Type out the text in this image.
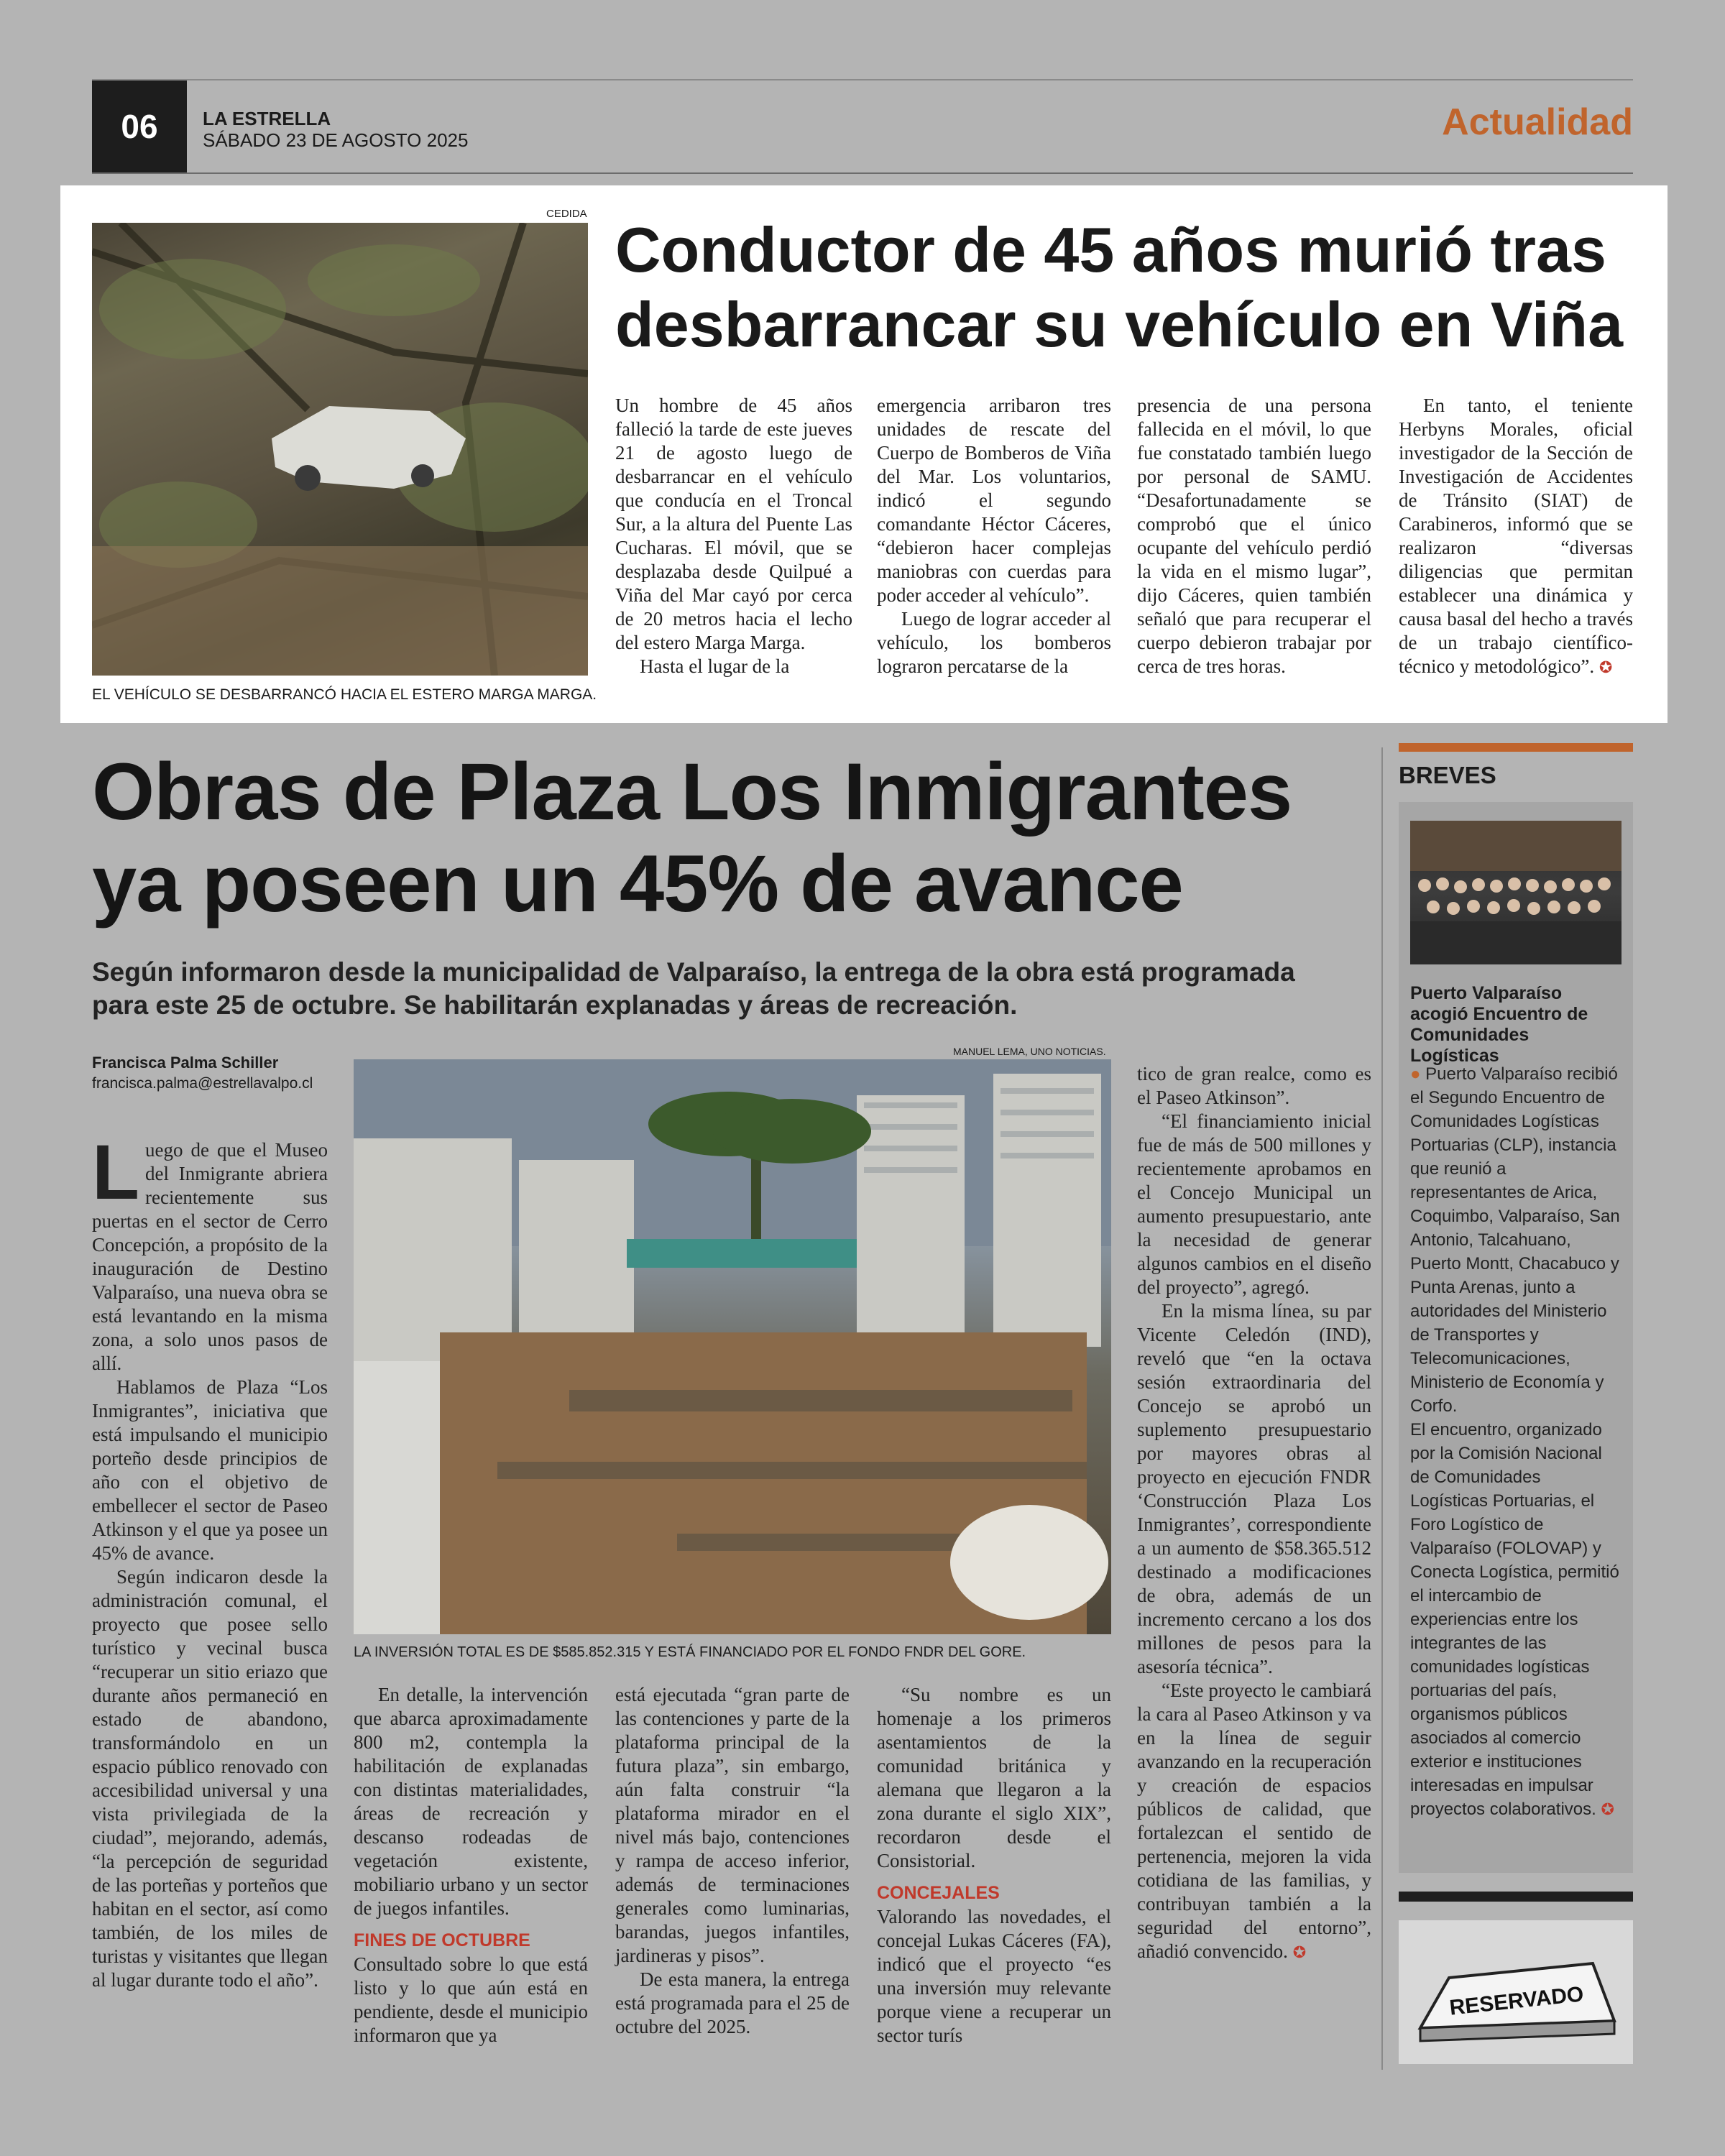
06	LA ESTRELLA
SÁBADO 23 DE AGOSTO 2025	Actualidad
CEDIDA
EL VEHÍCULO SE DESBARRANCÓ HACIA EL ESTERO MARGA MARGA.
Conductor de 45 años murió tras desbarrancar su vehículo en Viña

Un hombre de 45 años falleció la tarde de este jueves 21 de agosto luego de desbarrancar en el vehículo que conducía en el Troncal Sur, a la altura del Puente Las Cucharas. El móvil, que se desplazaba desde Quilpué a Viña del Mar cayó por cerca de 20 metros hacia el lecho del estero Marga Marga.

Hasta el lugar de la

emergencia arribaron tres unidades de rescate del Cuerpo de Bomberos de Viña del Mar. Los voluntarios, indicó el segundo comandante Héctor Cáceres, “debieron hacer complejas maniobras con cuerdas para poder acceder al vehículo”.

Luego de lograr acceder al vehículo, los bomberos lograron percatarse de la

presencia de una persona fallecida en el móvil, lo que fue constatado también luego por personal de SAMU. “Desafortunadamente se comprobó que el único ocupante del vehículo perdió la vida en el mismo lugar”, dijo Cáceres, quien también señaló que para recuperar el cuerpo debieron trabajar por cerca de tres horas.

En tanto, el teniente Herbyns Morales, oficial investigador de la Sección de Investigación de Accidentes de Tránsito (SIAT) de Carabineros, informó que se realizaron “diversas diligencias que permitan establecer una dinámica y causa basal del hecho a través de un trabajo científico-técnico y metodológico”. ✪

Obras de Plaza Los Inmigrantes ya poseen un 45% de avance
Según informaron desde la municipalidad de Valparaíso, la entrega de la obra está programada para este 25 de octubre. Se habilitarán explanadas y áreas de recreación.
Francisca Palma Schiller
francisca.palma@estrellavalpo.cl
MANUEL LEMA, UNO NOTICIAS.
LA INVERSIÓN TOTAL ES DE $585.852.315 Y ESTÁ FINANCIADO POR EL FONDO FNDR DEL GORE.

Luego de que el Museo del Inmigrante abriera recientemente sus puertas en el sector de Cerro Concepción, a propósito de la inauguración de Destino Valparaíso, una nueva obra se está levantando en la misma zona, a solo unos pasos de allí.

Hablamos de Plaza “Los Inmigrantes”, iniciativa que está impulsando el municipio porteño desde principios de año con el objetivo de embellecer el sector de Paseo Atkinson y el que ya posee un 45% de avance.

Según indicaron desde la administración comunal, el proyecto que posee sello turístico y vecinal busca “recuperar un sitio eriazo que durante años permaneció en estado de abandono, transformándolo en un espacio público renovado con accesibilidad universal y una vista privilegiada de la ciudad”, mejorando, además, “la percepción de seguridad de las porteñas y porteños que habitan en el sector, así como también, de los miles de turistas y visitantes que llegan al lugar durante todo el año”.

En detalle, la intervención que abarca aproximadamente 800 m2, contempla la habilitación de explanadas con distintas materialidades, áreas de recreación y descanso rodeadas de vegetación existente, mobiliario urbano y un sector de juegos infantiles.

FINES DE OCTUBRE

Consultado sobre lo que está listo y lo que aún está en pendiente, desde el municipio informaron que ya

está ejecutada “gran parte de las contenciones y parte de la plataforma principal de la futura plaza”, sin embargo, aún falta construir “la plataforma mirador en el nivel más bajo, contenciones y rampa de acceso inferior, además de terminaciones generales como luminarias, barandas, juegos infantiles, jardineras y pisos”.

De esta manera, la entrega está programada para el 25 de octubre del 2025.

“Su nombre es un homenaje a los primeros asentamientos de la comunidad británica y alemana que llegaron a la zona durante el siglo XIX”, recordaron desde el Consistorial.

CONCEJALES

Valorando las novedades, el concejal Lukas Cáceres (FA), indicó que el proyecto “es una inversión muy relevante porque viene a recuperar un sector turís

tico de gran realce, como es el Paseo Atkinson”.

“El financiamiento inicial fue de más de 500 millones y recientemente aprobamos en el Concejo Municipal un aumento presupuestario, ante la necesidad de generar algunos cambios en el diseño del proyecto”, agregó.

En la misma línea, su par Vicente Celedón (IND), reveló que “en la octava sesión extraordinaria del Concejo se aprobó un suplemento presupuestario por mayores obras al proyecto en ejecución FNDR ‘Construcción Plaza Los Inmigrantes’, correspondiente a un aumento de $58.365.512 destinado a modificaciones de obra, además de un incremento cercano a los dos millones de pesos para la asesoría técnica”.

“Este proyecto le cambiará la cara al Paseo Atkinson y va en la línea de seguir avanzando en la recuperación y creación de espacios públicos de calidad, que fortalezcan el sentido de pertenencia, mejoren la vida cotidiana de las familias, y contribuyan también a la seguridad del entorno”, añadió convencido. ✪

BREVES
Puerto Valparaíso acogió Encuentro de Comunidades Logísticas

● Puerto Valparaíso recibió el Segundo Encuentro de Comunidades Logísticas Portuarias (CLP), instancia que reunió a representantes de Arica, Coquimbo, Valparaíso, San Antonio, Talcahuano, Puerto Montt, Chacabuco y Punta Arenas, junto a autoridades del Ministerio de Transportes y Telecomunicaciones, Ministerio de Economía y Corfo.

El encuentro, organizado por la Comisión Nacional de Comunidades Logísticas Portuarias, el Foro Logístico de Valparaíso (FOLOVAP) y Conecta Logística, permitió el intercambio de experiencias entre los integrantes de las comunidades logísticas portuarias del país, organismos públicos asociados al comercio exterior e instituciones interesadas en impulsar proyectos colaborativos. ✪

RESERVADO
